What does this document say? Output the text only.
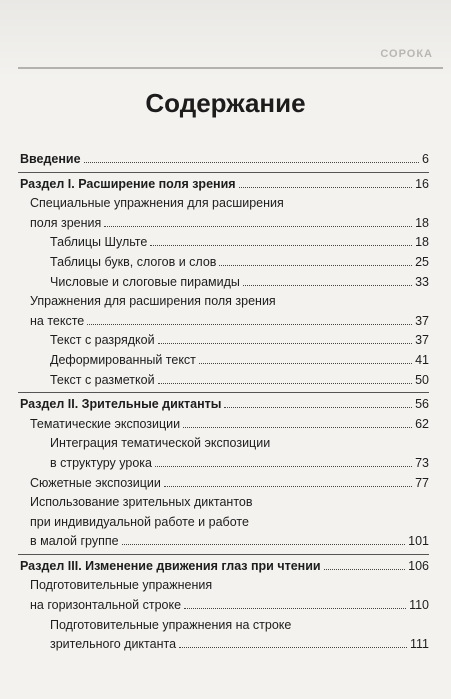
СОРОКА
Содержание
Введение	6
Раздел I. Расширение поля зрения	16
Специальные упражнения для расширения
поля зрения	18
Таблицы Шульте	18
Таблицы букв, слогов и слов	25
Числовые и слоговые пирамиды	33
Упражнения для расширения поля зрения
на тексте	37
Текст с разрядкой	37
Деформированный текст	41
Текст с разметкой	50
Раздел II. Зрительные диктанты	56
Тематические экспозиции	62
Интеграция тематической экспозиции
в структуру урока	73
Сюжетные экспозиции	77
Использование зрительных диктантов
при индивидуальной работе и работе
в малой группе	101
Раздел III. Изменение движения глаз при чтении	106
Подготовительные упражнения
на горизонтальной строке	110
Подготовительные упражнения на строке
зрительного диктанта	111
